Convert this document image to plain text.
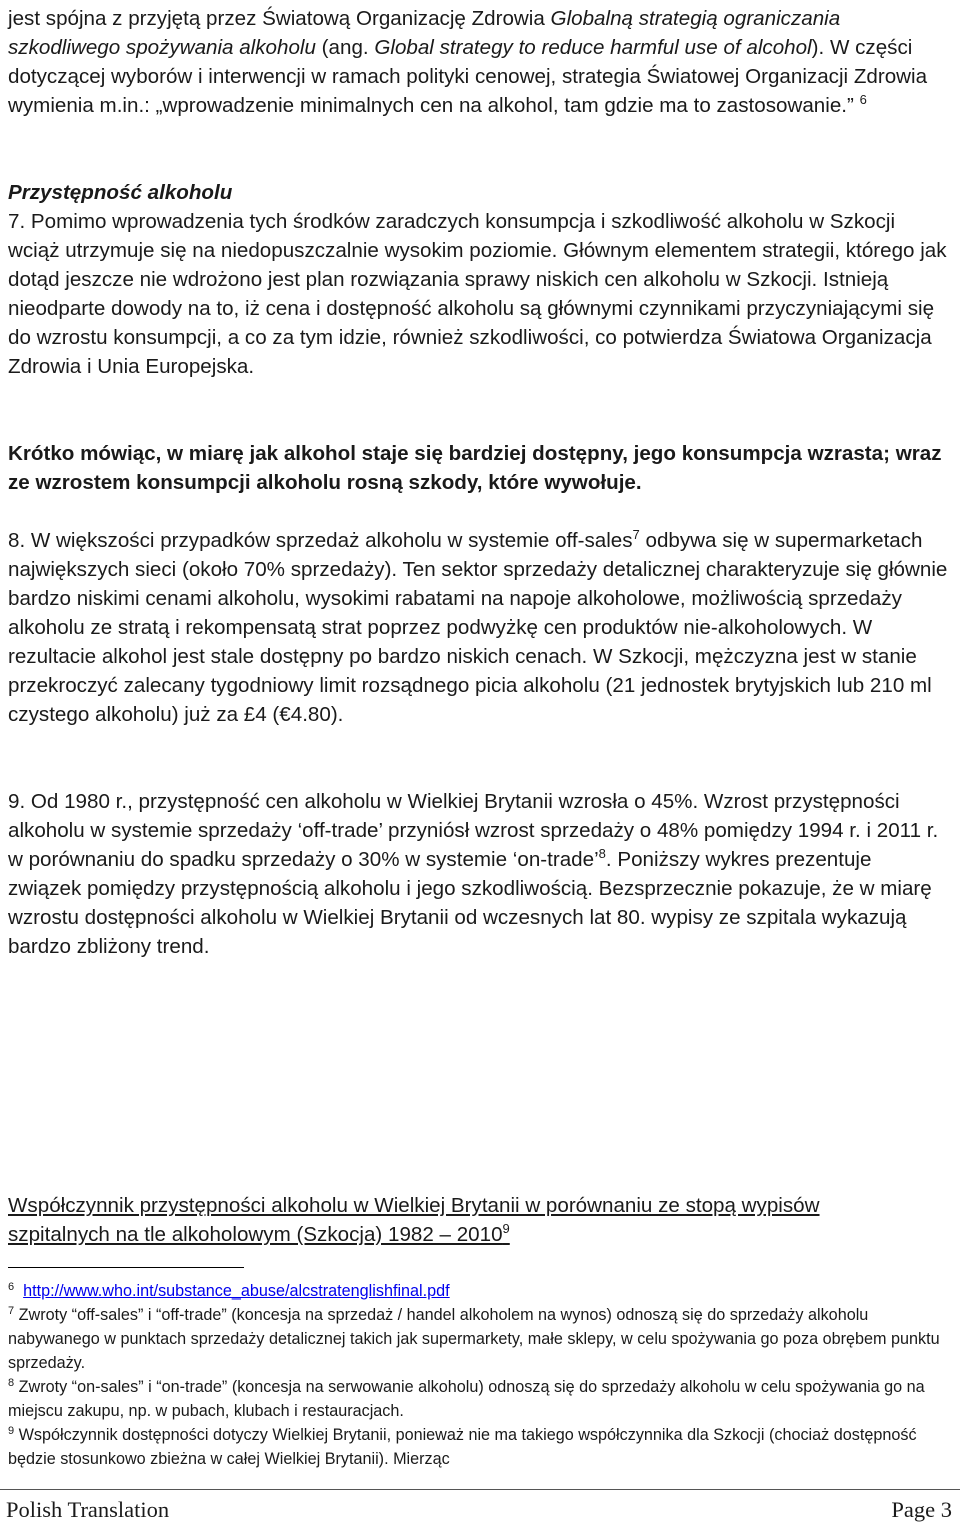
jest spójna z przyjętą przez Światową Organizację Zdrowia Globalną strategią ograniczania szkodliwego spożywania alkoholu (ang. Global strategy to reduce harmful use of alcohol). W części dotyczącej wyborów i interwencji w ramach polityki cenowej, strategia Światowej Organizacji Zdrowia wymienia m.in.: „wprowadzenie minimalnych cen na alkohol, tam gdzie ma to zastosowanie.” $^6$

Przystępność alkoholu

7. Pomimo wprowadzenia tych środków zaradczych konsumpcja i szkodliwość alkoholu w Szkocji wciąż utrzymuje się na niedopuszczalnie wysokim poziomie. Głównym elementem strategii, którego jak dotąd jeszcze nie wdrożono jest plan rozwiązania sprawy niskich cen alkoholu w Szkocji. Istnieją nieodparte dowody na to, iż cena i dostępność alkoholu są głównymi czynnikami przyczyniającymi się do wzrostu konsumpcji, a co za tym idzie, również szkodliwości, co potwierdza Światowa Organizacja Zdrowia i Unia Europejska.

Krótko mówiąc, w miarę jak alkohol staje się bardziej dostępny, jego konsumpcja wzrasta; wraz ze wzrostem konsumpcji alkoholu rosną szkody, które wywołuje.

8. W większości przypadków sprzedaż alkoholu w systemie off-sales$^7$ odbywa się w supermarketach największych sieci (około 70% sprzedaży). Ten sektor sprzedaży detalicznej charakteryzuje się głównie bardzo niskimi cenami alkoholu, wysokimi rabatami na napoje alkoholowe, możliwością sprzedaży alkoholu ze stratą i rekompensatą strat poprzez podwyżkę cen produktów nie-alkoholowych. W rezultacie alkohol jest stale dostępny po bardzo niskich cenach. W Szkocji, mężczyzna jest w stanie przekroczyć zalecany tygodniowy limit rozsądnego picia alkoholu (21 jednostek brytyjskich lub 210 ml czystego alkoholu) już za £4 (€4.80).

9. Od 1980 r., przystępność cen alkoholu w Wielkiej Brytanii wzrosła o 45%. Wzrost przystępności alkoholu w systemie sprzedaży ‘off-trade’ przyniósł wzrost sprzedaży o 48% pomiędzy 1994 r. i 2011 r. w porównaniu do spadku sprzedaży o 30% w systemie ‘on-trade’$^8$. Poniższy wykres prezentuje związek pomiędzy przystępnością alkoholu i jego szkodliwością. Bezsprzecznie pokazuje, że w miarę wzrostu dostępności alkoholu w Wielkiej Brytanii od wczesnych lat 80. wypisy ze szpitala wykazują bardzo zbliżony trend.

Współczynnik przystępności alkoholu w Wielkiej Brytanii w porównaniu ze stopą wypisów szpitalnych na tle alkoholowym (Szkocja) 1982 – 2010$^9$

$^6$ http://www.who.int/substance_abuse/alcstratenglishfinal.pdf

$^7$ Zwroty “off-sales” i “off-trade” (koncesja na sprzedaż / handel alkoholem na wynos) odnoszą się do sprzedaży alkoholu nabywanego w punktach sprzedaży detalicznej takich jak supermarkety, małe sklepy, w celu spożywania go poza obrębem punktu sprzedaży.

$^8$ Zwroty “on-sales” i “on-trade” (koncesja na serwowanie alkoholu) odnoszą się do sprzedaży alkoholu w celu spożywania go na miejscu zakupu, np. w pubach, klubach i restauracjach.

$^9$ Współczynnik dostępności dotyczy Wielkiej Brytanii, ponieważ nie ma takiego współczynnika dla Szkocji (chociaż dostępność będzie stosunkowo zbieżna w całej Wielkiej Brytanii). Mierząc

Polish Translation	Page 3
